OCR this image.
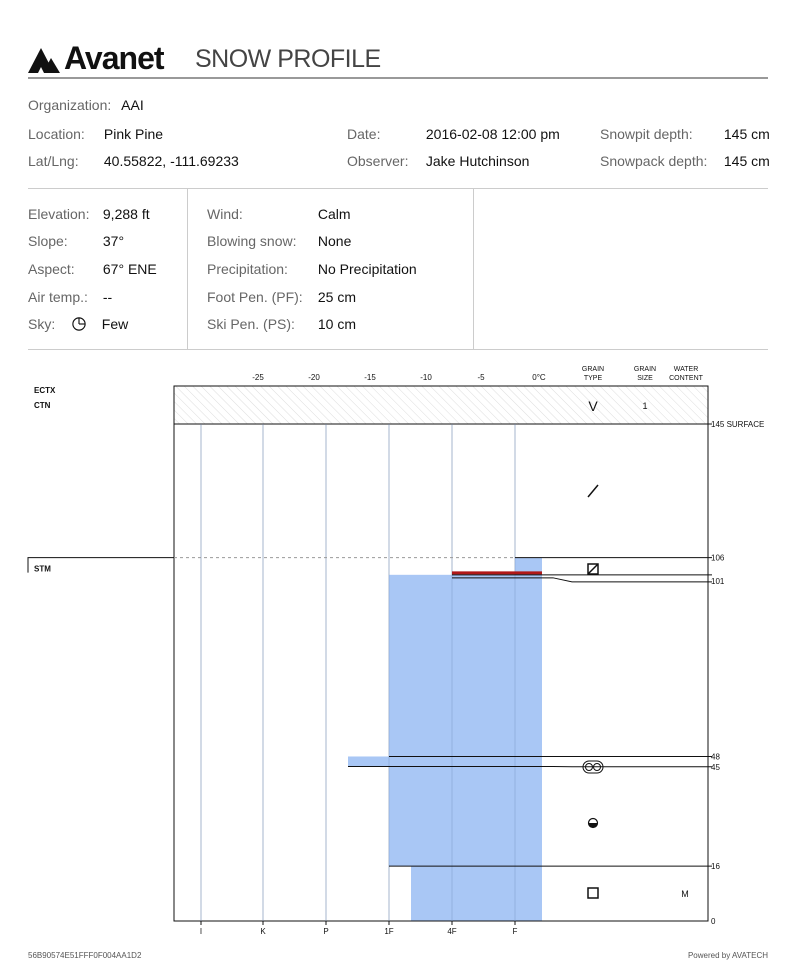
Avanet SNOW PROFILE
Organization: AAI
Location: Pink Pine
Lat/Lng: 40.55822, -111.69233
Date:	2016-02-08 12:00 pm
Observer: Jake Hutchinson
Snowpit depth: 145 cm
Snowpack depth: 145 cm
Elevation: 9,288 ft
Slope:	37°
Aspect: 67° ENE
Air temp.: --
Sky:	Few
Wind:	Calm
Blowing snow: None
Precipitation: No Precipitation
Foot Pen. (PF): 25 cm
Ski Pen. (PS): 10 cm
106
101
48
45
16
0
145 SURFACE
-25	-20	-15	-10	-5	0°C
GRAIN
TYPE
GRAIN
SIZE
WATER
CONTENT
V	1
I	K	P	1F	4F	F
ECTX
CTN
STM
M
56B90574E51FFF0F004AA1D2	Powered by AVATECH
